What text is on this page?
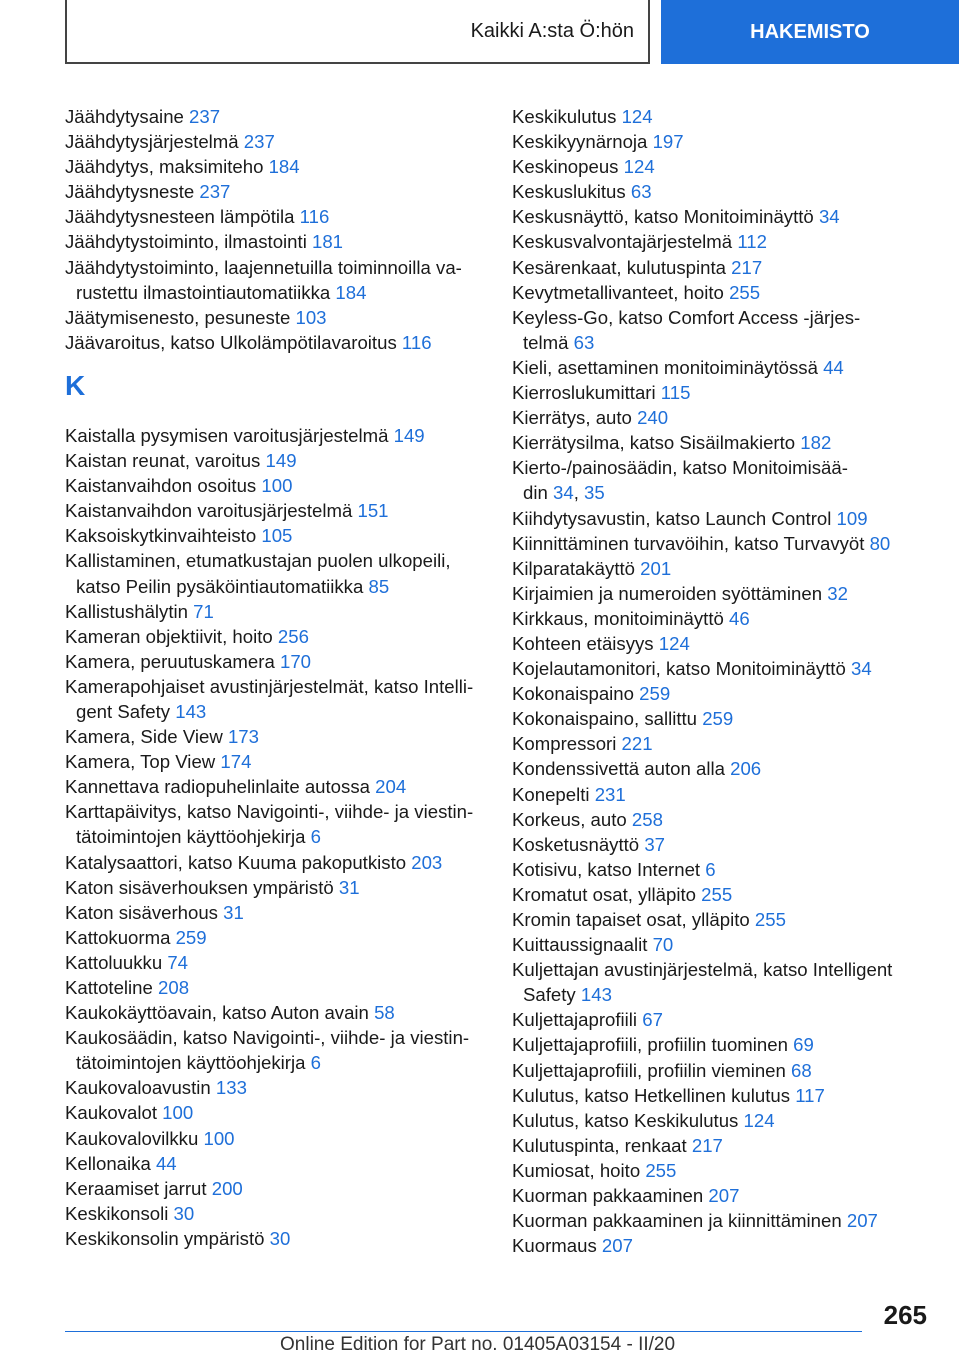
Kaikki A:sta Ö:hön	HAKEMISTO
Jäähdytysaine 237
Jäähdytysjärjestelmä 237
Jäähdytys, maksimiteho 184
Jäähdytysneste 237
Jäähdytysnesteen lämpötila 116
Jäähdytystoiminto, ilmastointi 181
Jäähdytystoiminto, laajennetuilla toiminnoilla va‐
rustettu ilmastointiautomatiikka 184
Jäätymisenesto, pesuneste 103
Jäävaroitus, katso Ulkolämpötilavaroitus 116
K
Kaistalla pysymisen varoitusjärjestelmä 149
Kaistan reunat, varoitus 149
Kaistanvaihdon osoitus 100
Kaistanvaihdon varoitusjärjestelmä 151
Kaksoiskytkinvaihteisto 105
Kallistaminen, etumatkustajan puolen ulkopeili,
katso Peilin pysäköintiautomatiikka 85
Kallistushälytin 71
Kameran objektiivit, hoito 256
Kamera, peruutuskamera 170
Kamerapohjaiset avustinjärjestelmät, katso Intelli‐
gent Safety 143
Kamera, Side View 173
Kamera, Top View 174
Kannettava radiopuhelinlaite autossa 204
Karttapäivitys, katso Navigointi-, viihde- ja viestin‐
tätoimintojen käyttöohjekirja 6
Katalysaattori, katso Kuuma pakoputkisto 203
Katon sisäverhouksen ympäristö 31
Katon sisäverhous 31
Kattokuorma 259
Kattoluukku 74
Kattoteline 208
Kaukokäyttöavain, katso Auton avain 58
Kaukosäädin, katso Navigointi-, viihde- ja viestin‐
tätoimintojen käyttöohjekirja 6
Kaukovaloavustin 133
Kaukovalot 100
Kaukovalovilkku 100
Kellonaika 44
Keraamiset jarrut 200
Keskikonsoli 30
Keskikonsolin ympäristö 30
Keskikulutus 124
Keskikyynärnoja 197
Keskinopeus 124
Keskuslukitus 63
Keskusnäyttö, katso Monitoiminäyttö 34
Keskusvalvontajärjestelmä 112
Kesärenkaat, kulutuspinta 217
Kevytmetallivanteet, hoito 255
Keyless-Go, katso Comfort Access -järjes‐
telmä 63
Kieli, asettaminen monitoiminäytössä 44
Kierroslukumittari 115
Kierrätys, auto 240
Kierrätysilma, katso Sisäilmakierto 182
Kierto-/painosäädin, katso Monitoimisää‐
din 34, 35
Kiihdytysavustin, katso Launch Control 109
Kiinnittäminen turvavöihin, katso Turvavyöt 80
Kilparatakäyttö 201
Kirjaimien ja numeroiden syöttäminen 32
Kirkkaus, monitoiminäyttö 46
Kohteen etäisyys 124
Kojelautamonitori, katso Monitoiminäyttö 34
Kokonaispaino 259
Kokonaispaino, sallittu 259
Kompressori 221
Kondenssivettä auton alla 206
Konepelti 231
Korkeus, auto 258
Kosketusnäyttö 37
Kotisivu, katso Internet 6
Kromatut osat, ylläpito 255
Kromin tapaiset osat, ylläpito 255
Kuittaussignaalit 70
Kuljettajan avustinjärjestelmä, katso Intelligent
Safety 143
Kuljettajaprofiili 67
Kuljettajaprofiili, profiilin tuominen 69
Kuljettajaprofiili, profiilin vieminen 68
Kulutus, katso Hetkellinen kulutus 117
Kulutus, katso Keskikulutus 124
Kulutuspinta, renkaat 217
Kumiosat, hoito 255
Kuorman pakkaaminen 207
Kuorman pakkaaminen ja kiinnittäminen 207
Kuormaus 207
265
Online Edition for Part no. 01405A03154 - II/20
